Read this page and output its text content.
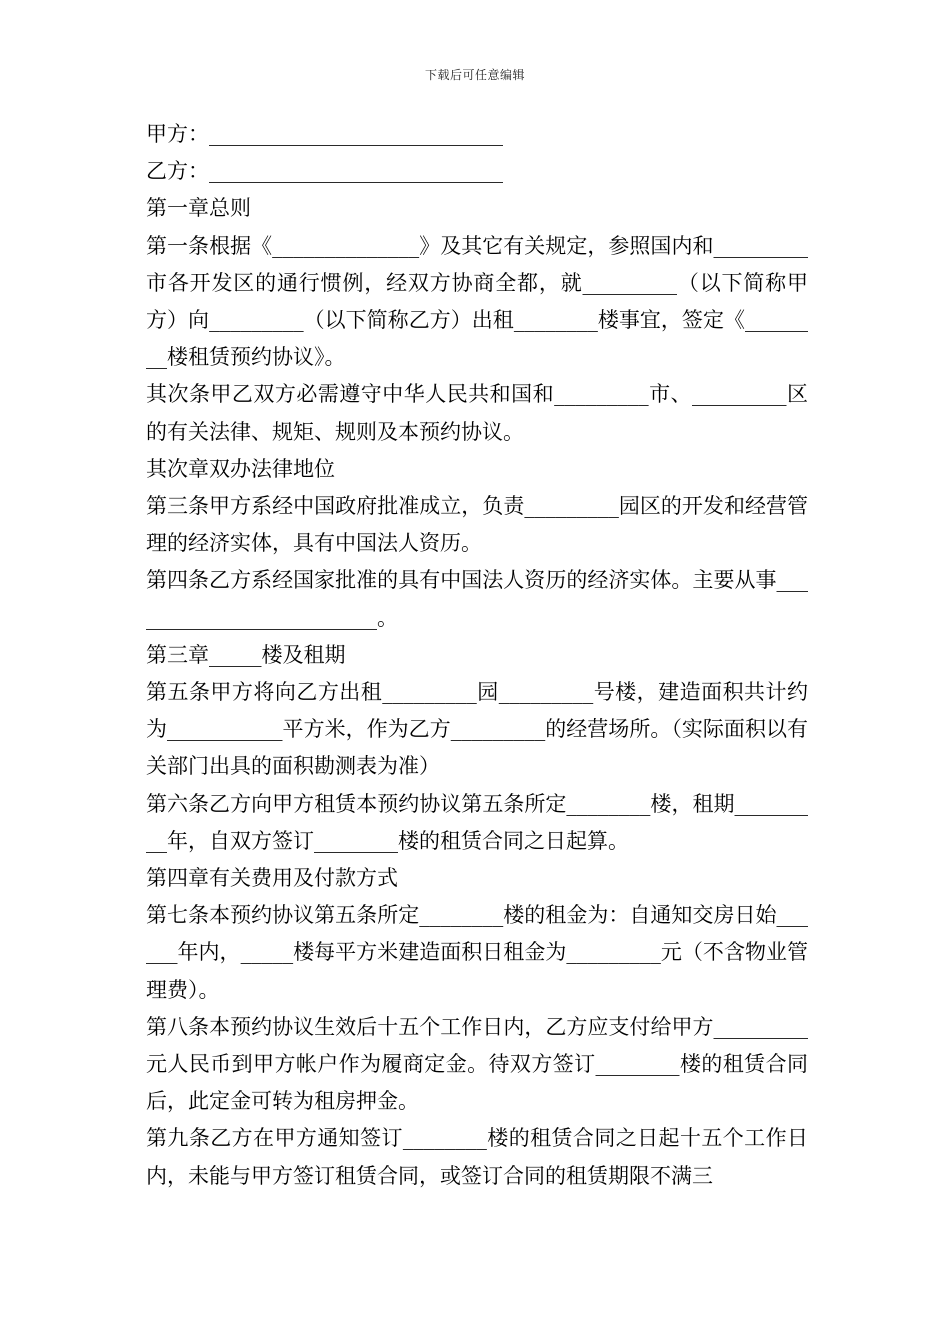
下载后可任意编辑

甲方：____________________________

乙方：____________________________

第一章总则

第一条根据《______________》及其它有关规定，参照国内和_________市各开发区的通行惯例，经双方协商全都，就_________（以下简称甲方）向_________（以下简称乙方）出租________楼事宜，签定《________楼租赁预约协议》。

其次条甲乙双方必需遵守中华人民共和国和_________市、_________区的有关法律、规矩、规则及本预约协议。

其次章双办法律地位

第三条甲方系经中国政府批准成立，负责_________园区的开发和经营管理的经济实体，具有中国法人资历。

第四条乙方系经国家批准的具有中国法人资历的经济实体。主要从事_________________________。

第三章_____楼及租期

第五条甲方将向乙方出租_________园_________号楼，建造面积共计约为___________平方米，作为乙方_________的经营场所。（实际面积以有关部门出具的面积勘测表为准）

第六条乙方向甲方租赁本预约协议第五条所定________楼，租期_________年，自双方签订________楼的租赁合同之日起算。

第四章有关费用及付款方式

第七条本预约协议第五条所定________楼的租金为：自通知交房日始______年内，_____楼每平方米建造面积日租金为_________元（不含物业管理费）。

第八条本预约协议生效后十五个工作日内，乙方应支付给甲方_________元人民币到甲方帐户作为履商定金。待双方签订________楼的租赁合同后，此定金可转为租房押金。

第九条乙方在甲方通知签订________楼的租赁合同之日起十五个工作日内，未能与甲方签订租赁合同，或签订合同的租赁期限不满三
